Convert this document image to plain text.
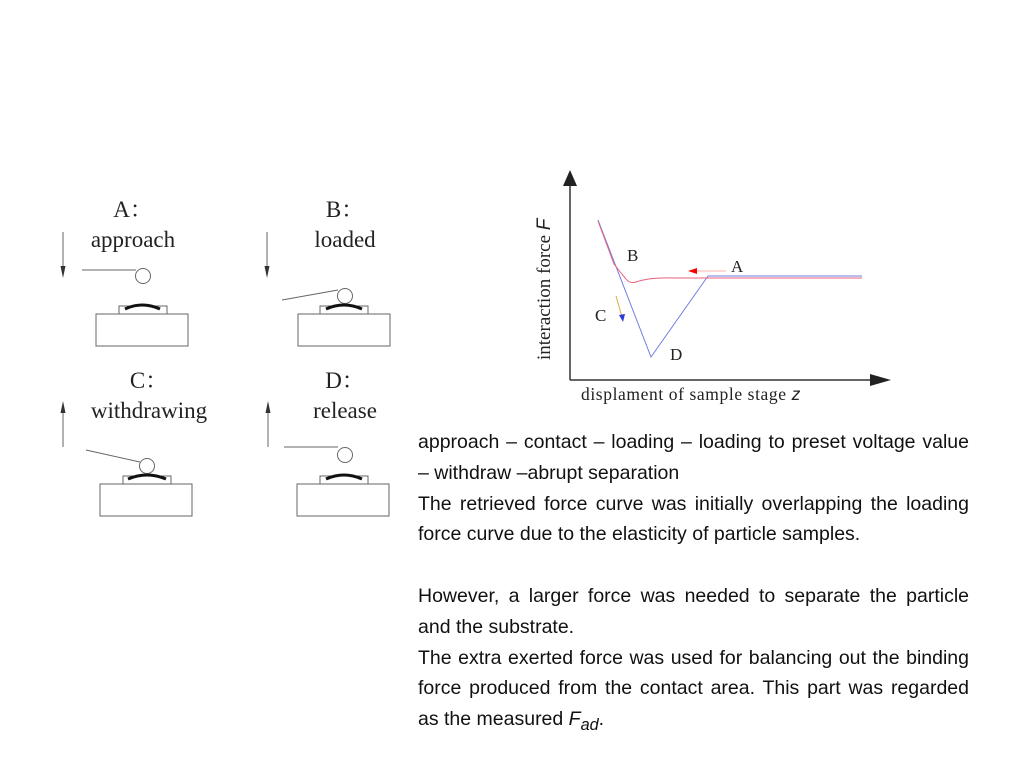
A：
approach
B：
loaded
C：
withdrawing
D：
release
B
A
C
D
interaction force F
displament of sample stage z

approach – contact – loading – loading to preset voltage value – withdraw –abrupt separation

The retrieved force curve was initially overlapping the loading force curve due to the elasticity of particle samples.

However, a larger force was needed to separate the particle and the substrate.

The extra exerted force was used for balancing out the binding force produced from the contact area. This part was regarded as the measured $F_{ad}$.
